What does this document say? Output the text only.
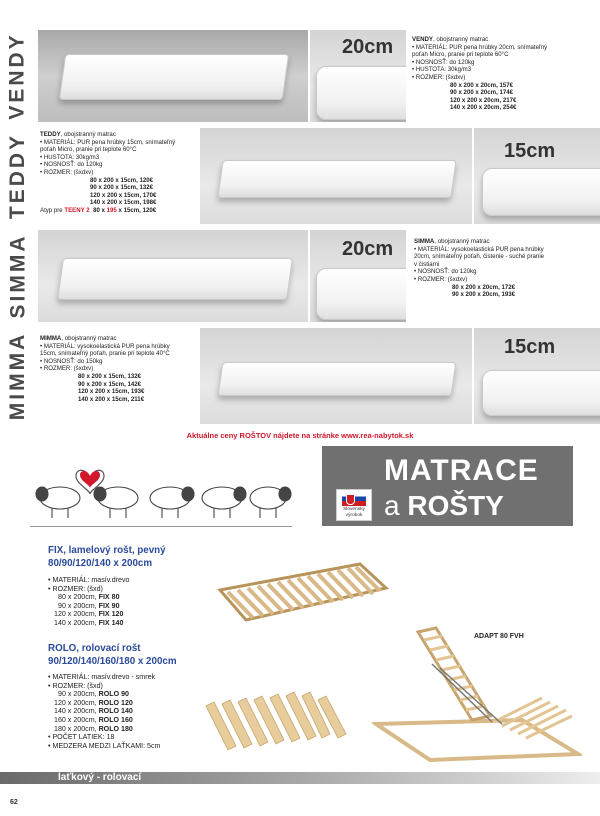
VENDY	20cm	VENDY, obojstranný matrac
• MATERIÁL: PUR pena hrúbky 20cm, snímateľný
poťah Micro, pranie pri teplote 60°C
• NOSNOSŤ: do 120kg
• HUSTOTA: 30kg/m3
• ROZMER: (šxdxv)
80 x 200 x 20cm, 157€
90 x 200 x 20cm, 174€
120 x 200 x 20cm, 217€
140 x 200 x 20cm, 254€
TEDDY TEDDY, obojstranný matrac
• MATERIÁL: PUR pena hrúbky 15cm, snímateľný
poťah Micro, pranie pri teplote 60°C
• HUSTOTA: 30kg/m3
• NOSNOSŤ: do 120kg
• ROZMER: (šxdxv)
80 x 200 x 15cm, 120€
90 x 200 x 15cm, 132€
120 x 200 x 15cm, 170€
140 x 200 x 15cm, 198€
Atyp pre TEENY 2 80 x 195 x 15cm, 120€
15cm
SIMMA	20cm	SIMMA, obojstranný matrac
• MATERIÁL: vysokoelastická PUR pena hrúbky
20cm, snímateľný poťah, čistenie - suché pranie
v čistiarni
• NOSNOSŤ: do 120kg
• ROZMER: (šxdxv)
80 x 200 x 20cm, 172€
90 x 200 x 20cm, 193€
MIMMA MIMMA, obojstranný matrac
• MATERIÁL: vysokoelastická PUR pena hrúbky
15cm, snímateľný poťah, pranie pri teplote 40°C
• NOSNOSŤ: do 150kg
• ROZMER: (šxdxv)
80 x 200 x 15cm, 132€
90 x 200 x 15cm, 142€
120 x 200 x 15cm, 193€
140 x 200 x 15cm, 211€
15cm
Aktuálne ceny ROŠTOV nájdete na stránke www.rea-nabytok.sk
MATRACE
a ROŠTY
Slovenský
výrobok
FIX, lamelový rošt, pevný
80/90/120/140 x 200cm
• MATERIÁL: masív.drevo
• ROZMER: (šxd)
80 x 200cm, FIX 80
90 x 200cm, FIX 90
120 x 200cm, FIX 120
140 x 200cm, FIX 140
ROLO, rolovací rošt
90/120/140/160/180 x 200cm
• MATERIÁL: masív.drevo - smrek
• ROZMER: (šxd)
90 x 200cm, ROLO 90
120 x 200cm, ROLO 120
140 x 200cm, ROLO 140
160 x 200cm, ROLO 160
180 x 200cm, ROLO 180
• POČET LATIEK: 18
• MEDZERA MEDZI LAŤKAMI: 5cm
ADAPT 80 FVH
laťkový - rolovací
62
